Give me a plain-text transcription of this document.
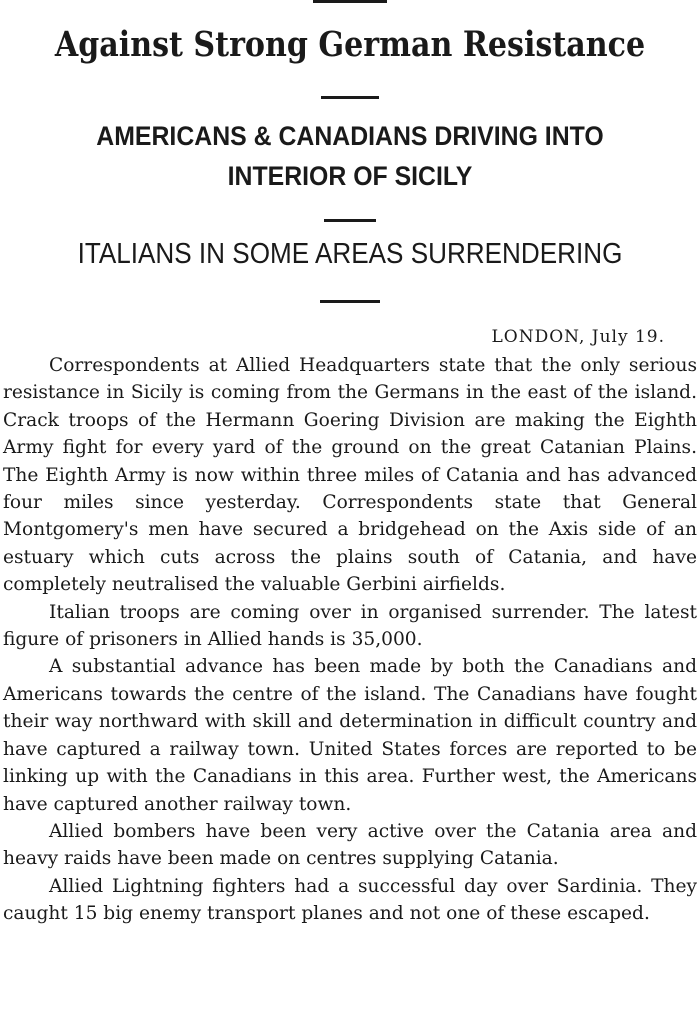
Against Strong German Resistance
AMERICANS & CANADIANS DRIVING INTO INTERIOR OF SICILY
ITALIANS IN SOME AREAS SURRENDERING
LONDON, July 19.

Correspondents at Allied Headquarters state that the only serious resistance in Sicily is coming from the Germans in the east of the island. Crack troops of the Hermann Goering Division are making the Eighth Army fight for every yard of the ground on the great Catanian Plains. The Eighth Army is now within three miles of Catania and has advanced four miles since yesterday. Correspondents state that General Montgomery's men have secured a bridgehead on the Axis side of an estuary which cuts across the plains south of Catania, and have completely neutralised the valuable Gerbini airfields.

Italian troops are coming over in organised surrender. The latest figure of prisoners in Allied hands is 35,000.

A substantial advance has been made by both the Canadians and Americans towards the centre of the island. The Canadians have fought their way northward with skill and determination in difficult country and have captured a railway town. United States forces are reported to be linking up with the Canadians in this area. Further west, the Americans have captured another railway town.

Allied bombers have been very active over the Catania area and heavy raids have been made on centres supplying Catania.

Allied Lightning fighters had a successful day over Sardinia. They caught 15 big enemy transport planes and not one of these escaped.
